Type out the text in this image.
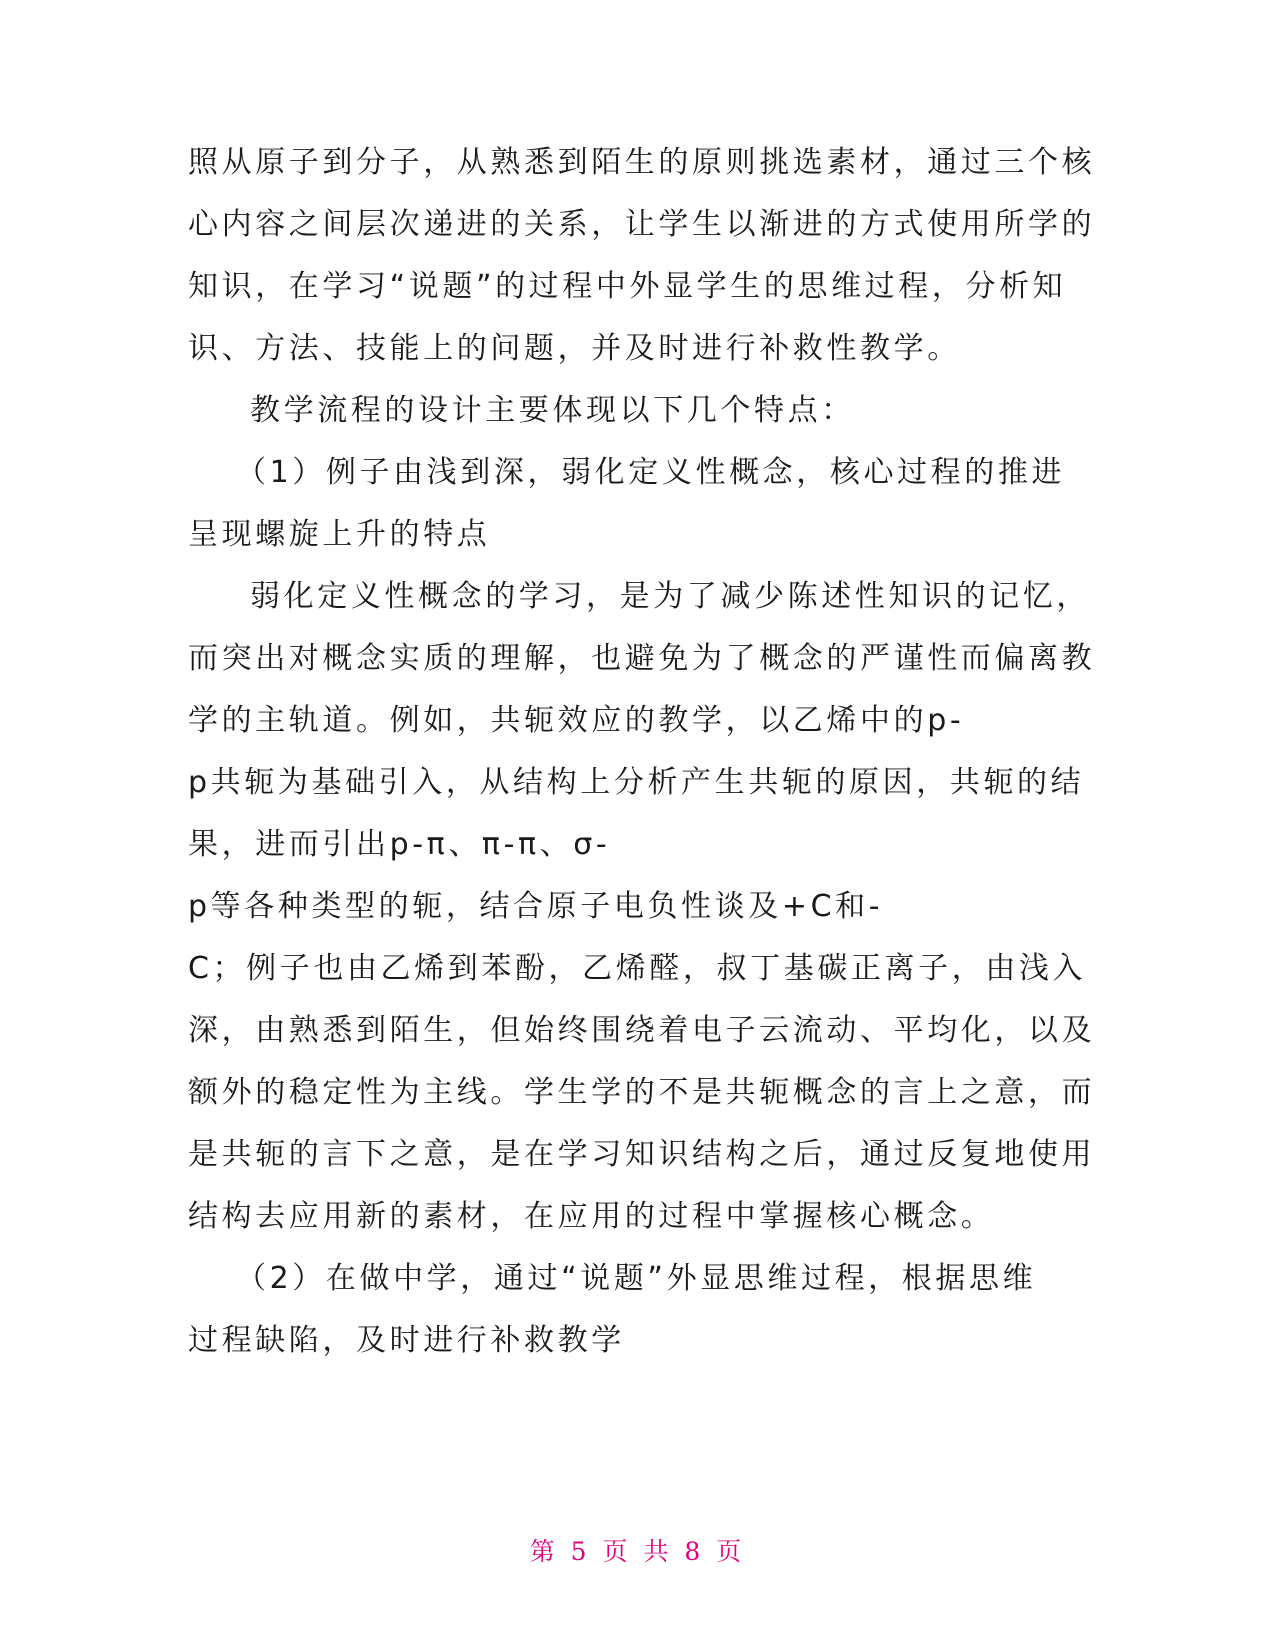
照从原子到分子，从熟悉到陌生的原则挑选素材，通过三个核
心内容之间层次递进的关系，让学生以渐进的方式使用所学的
知识，在学习“说题”的过程中外显学生的思维过程，分析知
识、方法、技能上的问题，并及时进行补救性教学。
教学流程的设计主要体现以下几个特点：
（1）例子由浅到深，弱化定义性概念，核心过程的推进
呈现螺旋上升的特点
弱化定义性概念的学习，是为了减少陈述性知识的记忆，
而突出对概念实质的理解，也避免为了概念的严谨性而偏离教
学的主轨道。例如，共轭效应的教学，以乙烯中的p-
p共轭为基础引入，从结构上分析产生共轭的原因，共轭的结
果，进而引出p-π、π-π、σ-
p等各种类型的轭，结合原子电负性谈及+C和-
C；例子也由乙烯到苯酚，乙烯醛，叔丁基碳正离子，由浅入
深，由熟悉到陌生，但始终围绕着电子云流动、平均化，以及
额外的稳定性为主线。学生学的不是共轭概念的言上之意，而
是共轭的言下之意，是在学习知识结构之后，通过反复地使用
结构去应用新的素材，在应用的过程中掌握核心概念。
（2）在做中学，通过“说题”外显思维过程，根据思维
过程缺陷，及时进行补救教学
第 5 页 共 8 页
